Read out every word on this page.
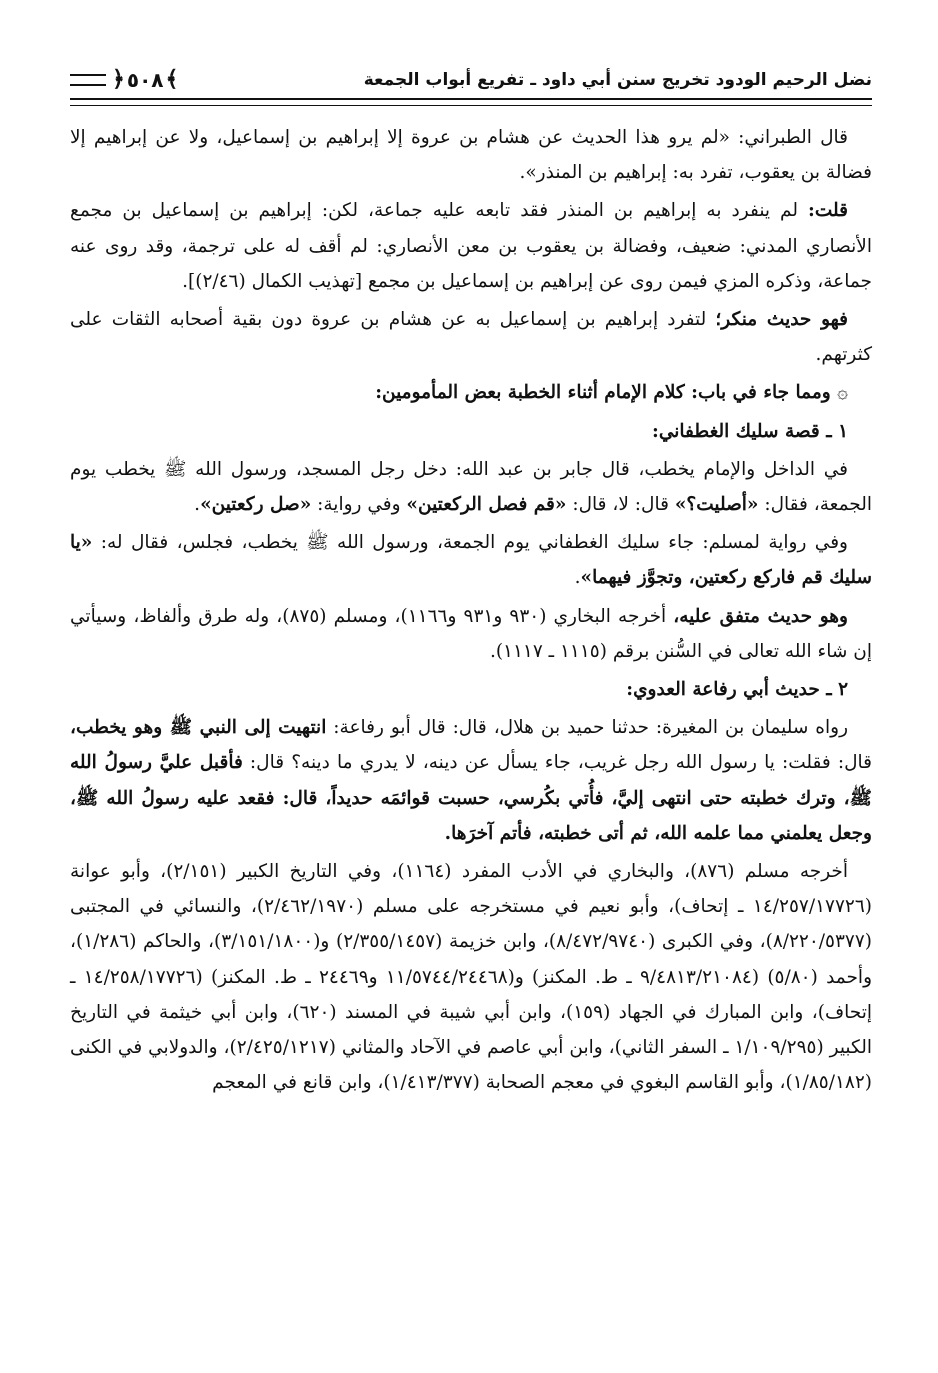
نضل الرحيم الودود تخريج سنن أبي داود ـ تفريع أبواب الجمعة
﴾
٥٠٨
﴿

قال الطبراني: «لم يرو هذا الحديث عن هشام بن عروة إلا إبراهيم بن إسماعيل، ولا عن إبراهيم إلا فضالة بن يعقوب، تفرد به: إبراهيم بن المنذر».

قلت: لم ينفرد به إبراهيم بن المنذر فقد تابعه عليه جماعة، لكن: إبراهيم بن إسماعيل بن مجمع الأنصاري المدني: ضعيف، وفضالة بن يعقوب بن معن الأنصاري: لم أقف له على ترجمة، وقد روى عنه جماعة، وذكره المزي فيمن روى عن إبراهيم بن إسماعيل بن مجمع [تهذيب الكمال (٢/٤٦)].

فهو حديث منكر؛ لتفرد إبراهيم بن إسماعيل به عن هشام بن عروة دون بقية أصحابه الثقات على كثرتهم.

۞ ومما جاء في باب: كلام الإمام أثناء الخطبة بعض المأمومين:

١ ـ قصة سليك الغطفاني:

في الداخل والإمام يخطب، قال جابر بن عبد الله: دخل رجل المسجد، ورسول الله ﷺ يخطب يوم الجمعة، فقال: «أصليت؟» قال: لا، قال: «قم فصل الركعتين» وفي رواية: «صل ركعتين».

وفي رواية لمسلم: جاء سليك الغطفاني يوم الجمعة، ورسول الله ﷺ يخطب، فجلس، فقال له: «يا سليك قم فاركع ركعتين، وتجوَّز فيهما».

وهو حديث متفق عليه، أخرجه البخاري (٩٣٠ و٩٣١ و١١٦٦)، ومسلم (٨٧٥)، وله طرق وألفاظ، وسيأتي إن شاء الله تعالى في السُّنن برقم (١١١٥ ـ ١١١٧).

٢ ـ حديث أبي رفاعة العدوي:

رواه سليمان بن المغيرة: حدثنا حميد بن هلال، قال: قال أبو رفاعة: انتهيت إلى النبي ﷺ وهو يخطب، قال: فقلت: يا رسول الله رجل غريب، جاء يسأل عن دينه، لا يدري ما دينه؟ قال: فأقبل عليَّ رسولُ الله ﷺ، وترك خطبته حتى انتهى إليَّ، فأُتي بكُرسي، حسبت قوائمَه حديداً، قال: فقعد عليه رسولُ الله ﷺ، وجعل يعلمني مما علمه الله، ثم أتى خطبته، فأتم آخرَها.

أخرجه مسلم (٨٧٦)، والبخاري في الأدب المفرد (١١٦٤)، وفي التاريخ الكبير (٢/١٥١)، وأبو عوانة (١٤/٢٥٧/١٧٧٢٦ ـ إتحاف)، وأبو نعيم في مستخرجه على مسلم (٢/٤٦٢/١٩٧٠)، والنسائي في المجتبى (٨/٢٢٠/٥٣٧٧)، وفي الكبرى (٨/٤٧٢/٩٧٤٠)، وابن خزيمة (٢/٣٥٥/١٤٥٧) و(٣/١٥١/١٨٠٠)، والحاكم (١/٢٨٦)، وأحمد (٥/٨٠) (٩/٤٨١٣/٢١٠٨٤ ـ ط. المكنز) و(١١/٥٧٤٤/٢٤٤٦٨ و٢٤٤٦٩ ـ ط. المكنز) (١٤/٢٥٨/١٧٧٢٦ ـ إتحاف)، وابن المبارك في الجهاد (١٥٩)، وابن أبي شيبة في المسند (٦٢٠)، وابن أبي خيثمة في التاريخ الكبير (١/١٠٩/٢٩٥ ـ السفر الثاني)، وابن أبي عاصم في الآحاد والمثاني (٢/٤٢٥/١٢١٧)، والدولابي في الكنى (١/٨٥/١٨٢)، وأبو القاسم البغوي في معجم الصحابة (١/٤١٣/٣٧٧)، وابن قانع في المعجم
